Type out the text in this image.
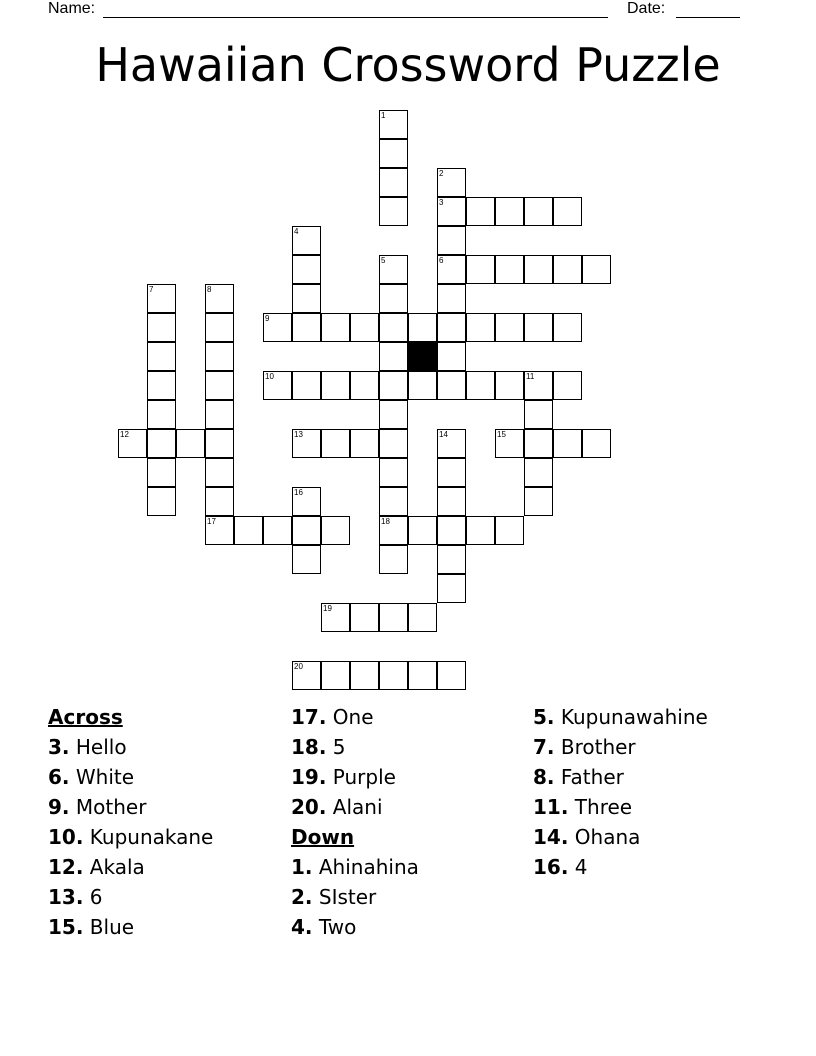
Name:	Date:
Hawaiian Crossword Puzzle
1
2
3
6
4
5
18
7	8
17
9
10	11
12	13	14	15
16
19
20
Across
3. Hello
6. White
9. Mother
10. Kupunakane
12. Akala
13. 6
15. Blue
17. One
18. 5
19. Purple
20. Alani
Down
1. Ahinahina
2. SIster
4. Two
5. Kupunawahine
7. Brother
8. Father
11. Three
14. Ohana
16. 4
